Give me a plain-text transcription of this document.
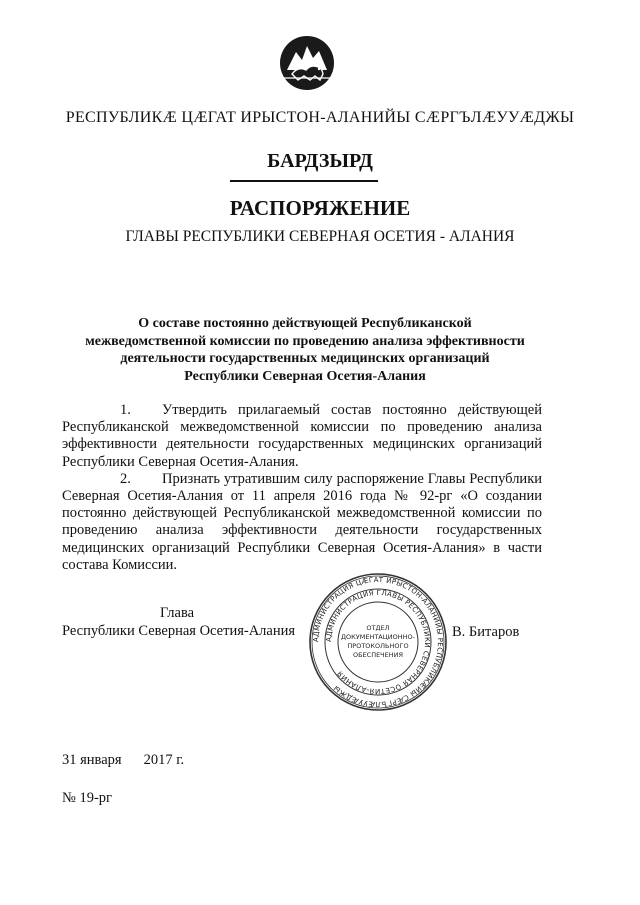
РЕСПУБЛИКӔ ЦӔГАТ ИРЫСТОН-АЛАНИЙЫ СӔРГЪЛӔУУӔДЖЫ
БАРДЗЫРД
РАСПОРЯЖЕНИЕ
ГЛАВЫ РЕСПУБЛИКИ СЕВЕРНАЯ ОСЕТИЯ - АЛАНИЯ
О составе постоянно действующей Республиканской
межведомственной комиссии по проведению анализа эффективности
деятельности государственных медицинских организаций
Республики Северная Осетия-Алания

1. Утвердить прилагаемый состав постоянно действующей Республиканской межведомственной комиссии по проведению анализа эффективности деятельности государственных медицинских организаций Республики Северная Осетия-Алания.

2. Признать утратившим силу распоряжение Главы Республики Северная Осетия-Алания от 11 апреля 2016 года № 92-рг «О создании постоянно действующей Республиканской межведомственной комиссии по проведению анализа эффективности деятельности государственных медицинских организаций Республики Северная Осетия-Алания» в части состава Комиссии.

Глава
Республики Северная Осетия-Алания
АДМИНИСТРАЦИЯ ЦӔГАТ ИРЫСТОН-АЛАНИЙЫ РЕСПУБЛИКӔЙЫ СӔРГЪЛӔУУӔДЖЫ
АДМИНИСТРАЦИЯ ГЛАВЫ РЕСПУБЛИКИ СЕВЕРНАЯ ОСЕТИЯ-АЛАНИЯ
ОТДЕЛ
ДОКУМЕНТАЦИОННО-
ПРОТОКОЛЬНОГО
ОБЕСПЕЧЕНИЯ
В. Битаров
31 января 2017 г.
№ 19-рг
